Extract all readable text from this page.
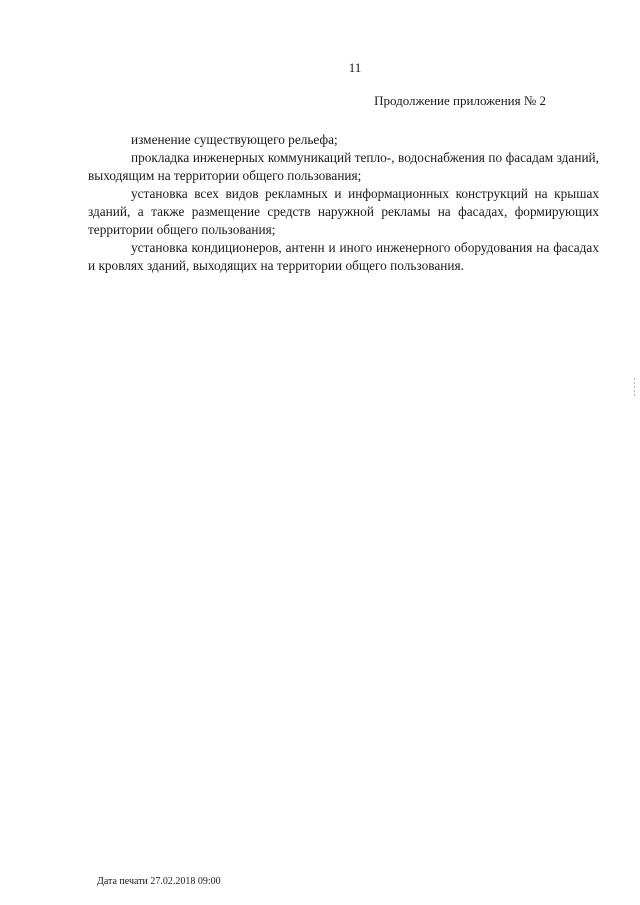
11
Продолжение приложения № 2

изменение существующего рельефа;

прокладка инженерных коммуникаций тепло-, водоснабжения по фасадам зданий, выходящим на территории общего пользования;

установка всех видов рекламных и информационных конструкций на крышах зданий, а также размещение средств наружной рекламы на фасадах, формирующих территории общего пользования;

установка кондиционеров, антенн и иного инженерного оборудования на фасадах и кровлях зданий, выходящих на территории общего пользования.

Дата печати 27.02.2018 09:00
